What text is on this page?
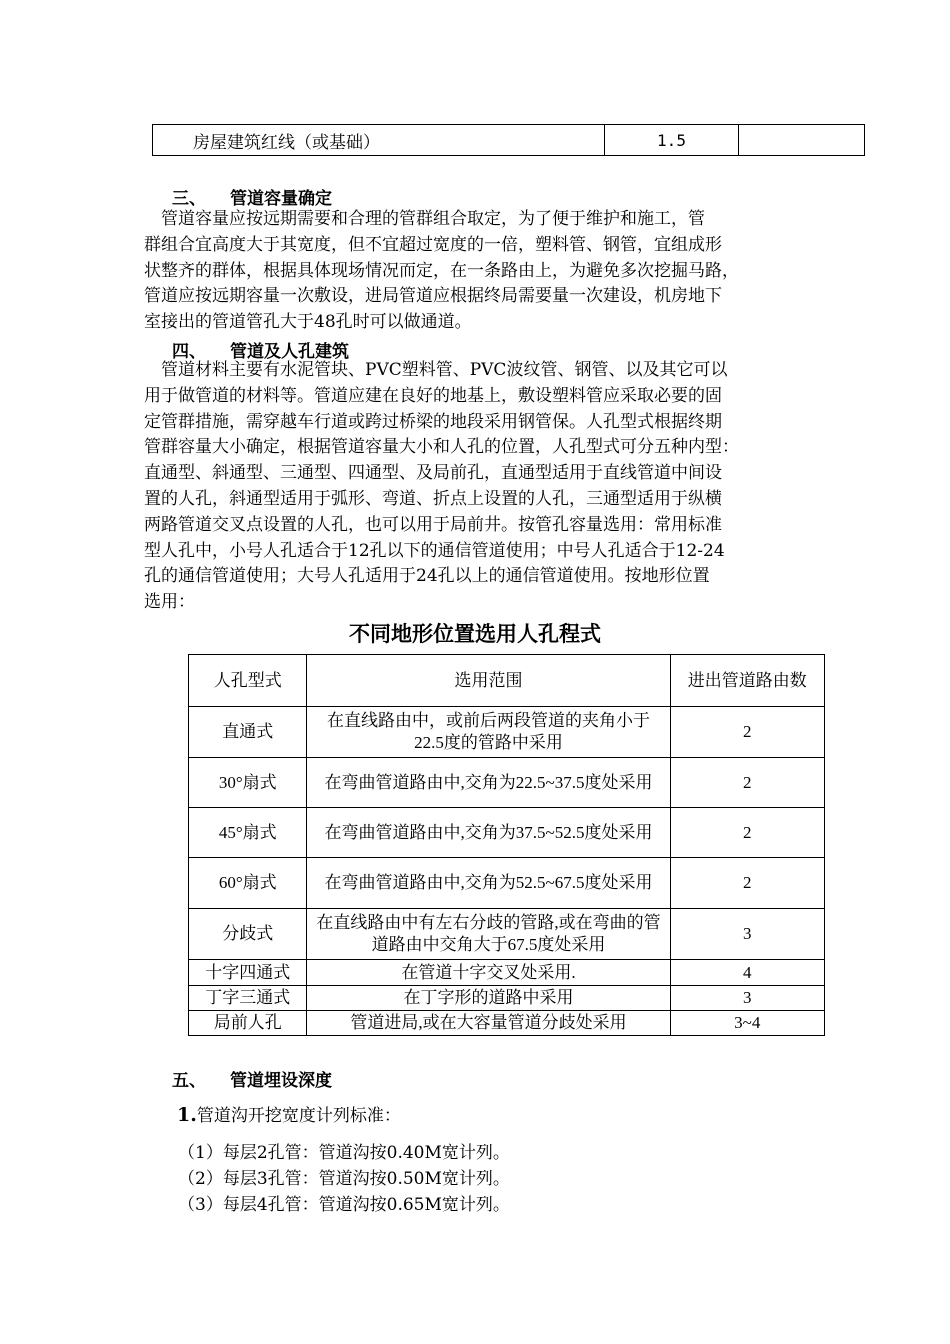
房屋建筑红线（或基础）	1.5	
三、 管道容量确定
　管道容量应按远期需要和合理的管群组合取定，为了便于维护和施工，管
群组合宜高度大于其宽度，但不宜超过宽度的一倍，塑料管、钢管，宜组成形
状整齐的群体，根据具体现场情况而定，在一条路由上，为避免多次挖掘马路，
管道应按远期容量一次敷设，进局管道应根据终局需要量一次建设，机房地下
室接出的管道管孔大于48孔时可以做通道。
四、 管道及人孔建筑
　管道材料主要有水泥管块、PVC塑料管、PVC波纹管、钢管、以及其它可以
用于做管道的材料等。管道应建在良好的地基上，敷设塑料管应采取必要的固
定管群措施，需穿越车行道或跨过桥梁的地段采用钢管保。人孔型式根据终期
管群容量大小确定，根据管道容量大小和人孔的位置，人孔型式可分五种内型：
直通型、斜通型、三通型、四通型、及局前孔，直通型适用于直线管道中间设
置的人孔，斜通型适用于弧形、弯道、折点上设置的人孔，三通型适用于纵横
两路管道交叉点设置的人孔，也可以用于局前井。按管孔容量选用：常用标准
型人孔中，小号人孔适合于12孔以下的通信管道使用；中号人孔适合于12-24
孔的通信管道使用；大号人孔适用于24孔以上的通信管道使用。按地形位置
选用：
不同地形位置选用人孔程式
人孔型式	选用范围	进出管道路由数
直通式	在直线路由中，或前后两段管道的夹角小于22.5度的管路中采用	2
30°扇式	在弯曲管道路由中,交角为22.5~37.5度处采用	2
45°扇式	在弯曲管道路由中,交角为37.5~52.5度处采用	2
60°扇式	在弯曲管道路由中,交角为52.5~67.5度处采用	2
分歧式	在直线路由中有左右分歧的管路,或在弯曲的管道路由中交角大于67.5度处采用	3
十字四通式	在管道十字交叉处采用.	4
丁字三通式	在丁字形的道路中采用	3
局前人孔	管道进局,或在大容量管道分歧处采用	3~4
五、 管道埋设深度
1.管道沟开挖宽度计列标准：
（1）每层2孔管：管道沟按0.40M宽计列。
（2）每层3孔管：管道沟按0.50M宽计列。
（3）每层4孔管：管道沟按0.65M宽计列。
